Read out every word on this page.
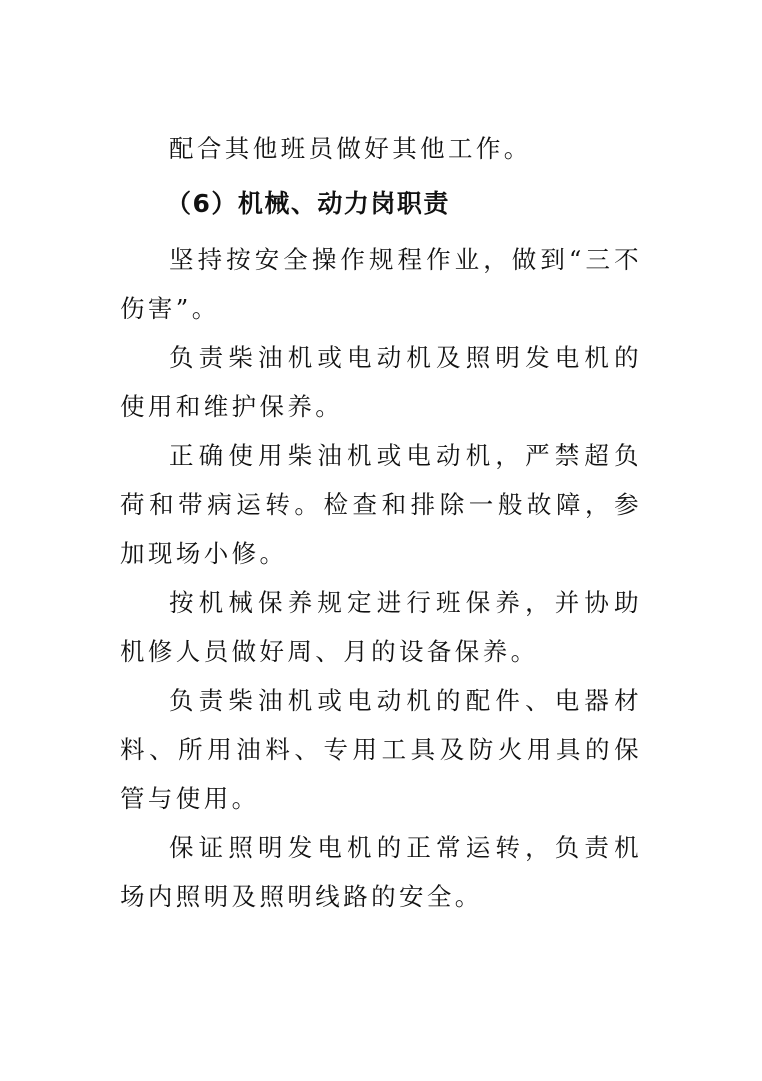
配合其他班员做好其他工作。

（6）机械、动力岗职责

坚持按安全操作规程作业，做到“三不伤害”。

负责柴油机或电动机及照明发电机的使用和维护保养。

正确使用柴油机或电动机，严禁超负荷和带病运转。检查和排除一般故障，参加现场小修。

按机械保养规定进行班保养，并协助机修人员做好周、月的设备保养。

负责柴油机或电动机的配件、电器材料、所用油料、专用工具及防火用具的保管与使用。

保证照明发电机的正常运转，负责机场内照明及照明线路的安全。
